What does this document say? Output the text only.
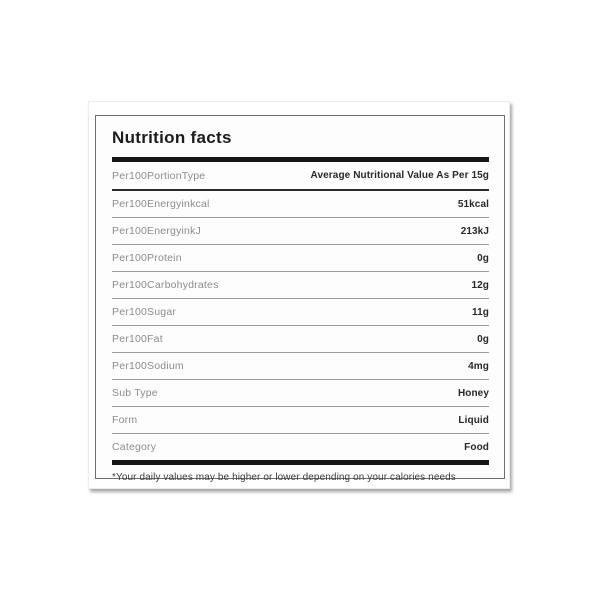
Nutrition facts
Per100PortionType	Average Nutritional Value As Per 15g
Per100Energyinkcal	51kcal
Per100EnergyinkJ	213kJ
Per100Protein	0g
Per100Carbohydrates	12g
Per100Sugar	11g
Per100Fat	0g
Per100Sodium	4mg
Sub Type	Honey
Form	Liquid
Category	Food

*Your daily values may be higher or lower depending on your calories needs
